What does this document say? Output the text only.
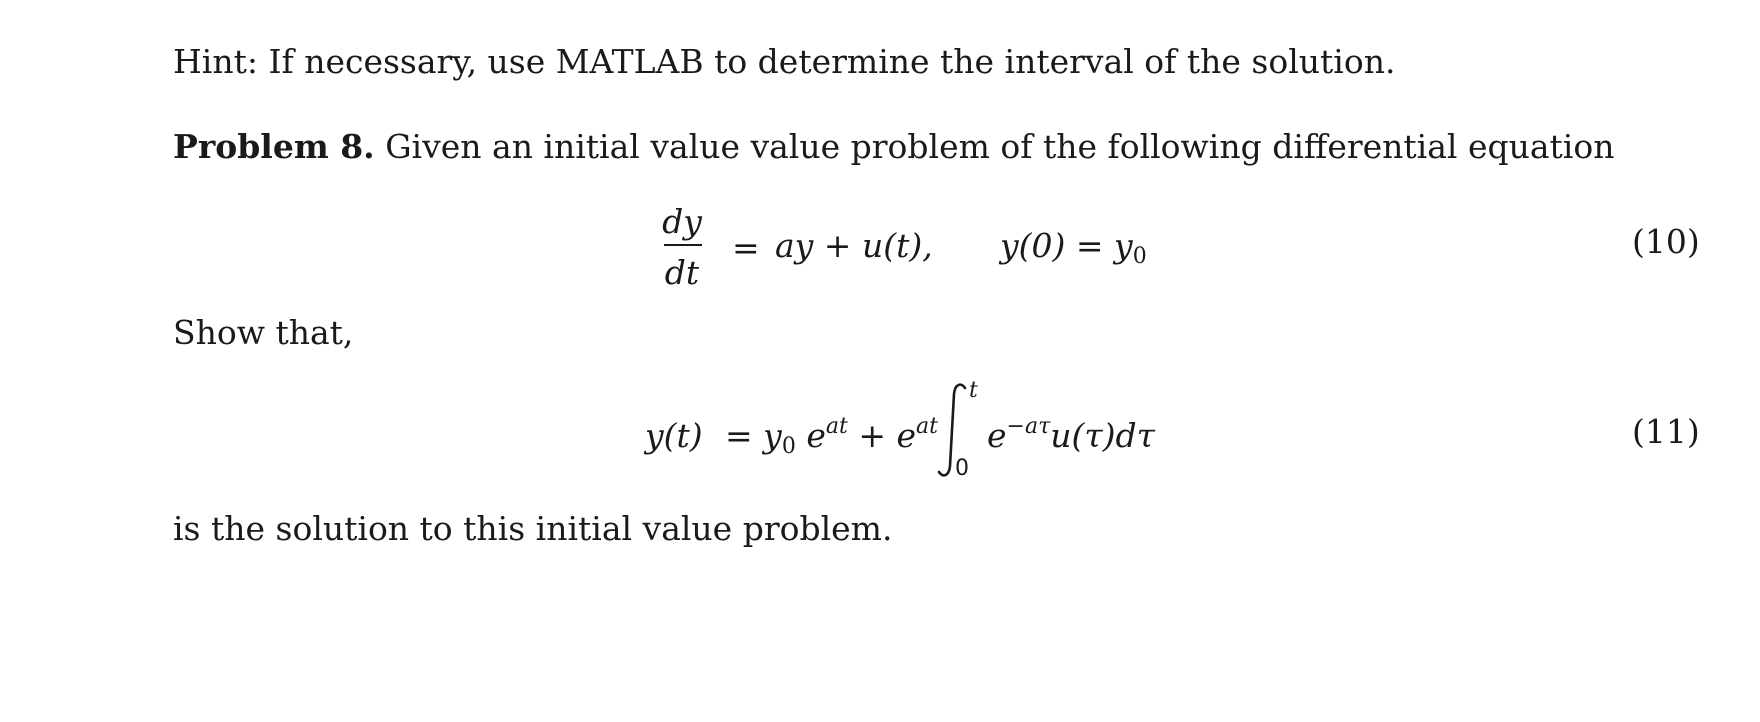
Hint: If necessary, use MATLAB to determine the interval of the solution.
Problem 8. Given an initial value value problem of the following differential equation
dy
dt
= ay + u(t), y(0) = y0	(10)
Show that,
y(t) = y0 $e^{at} + e^{at}$
t
0
$e^{-a\tau}u(\tau)d\tau$	(11)
is the solution to this initial value problem.
